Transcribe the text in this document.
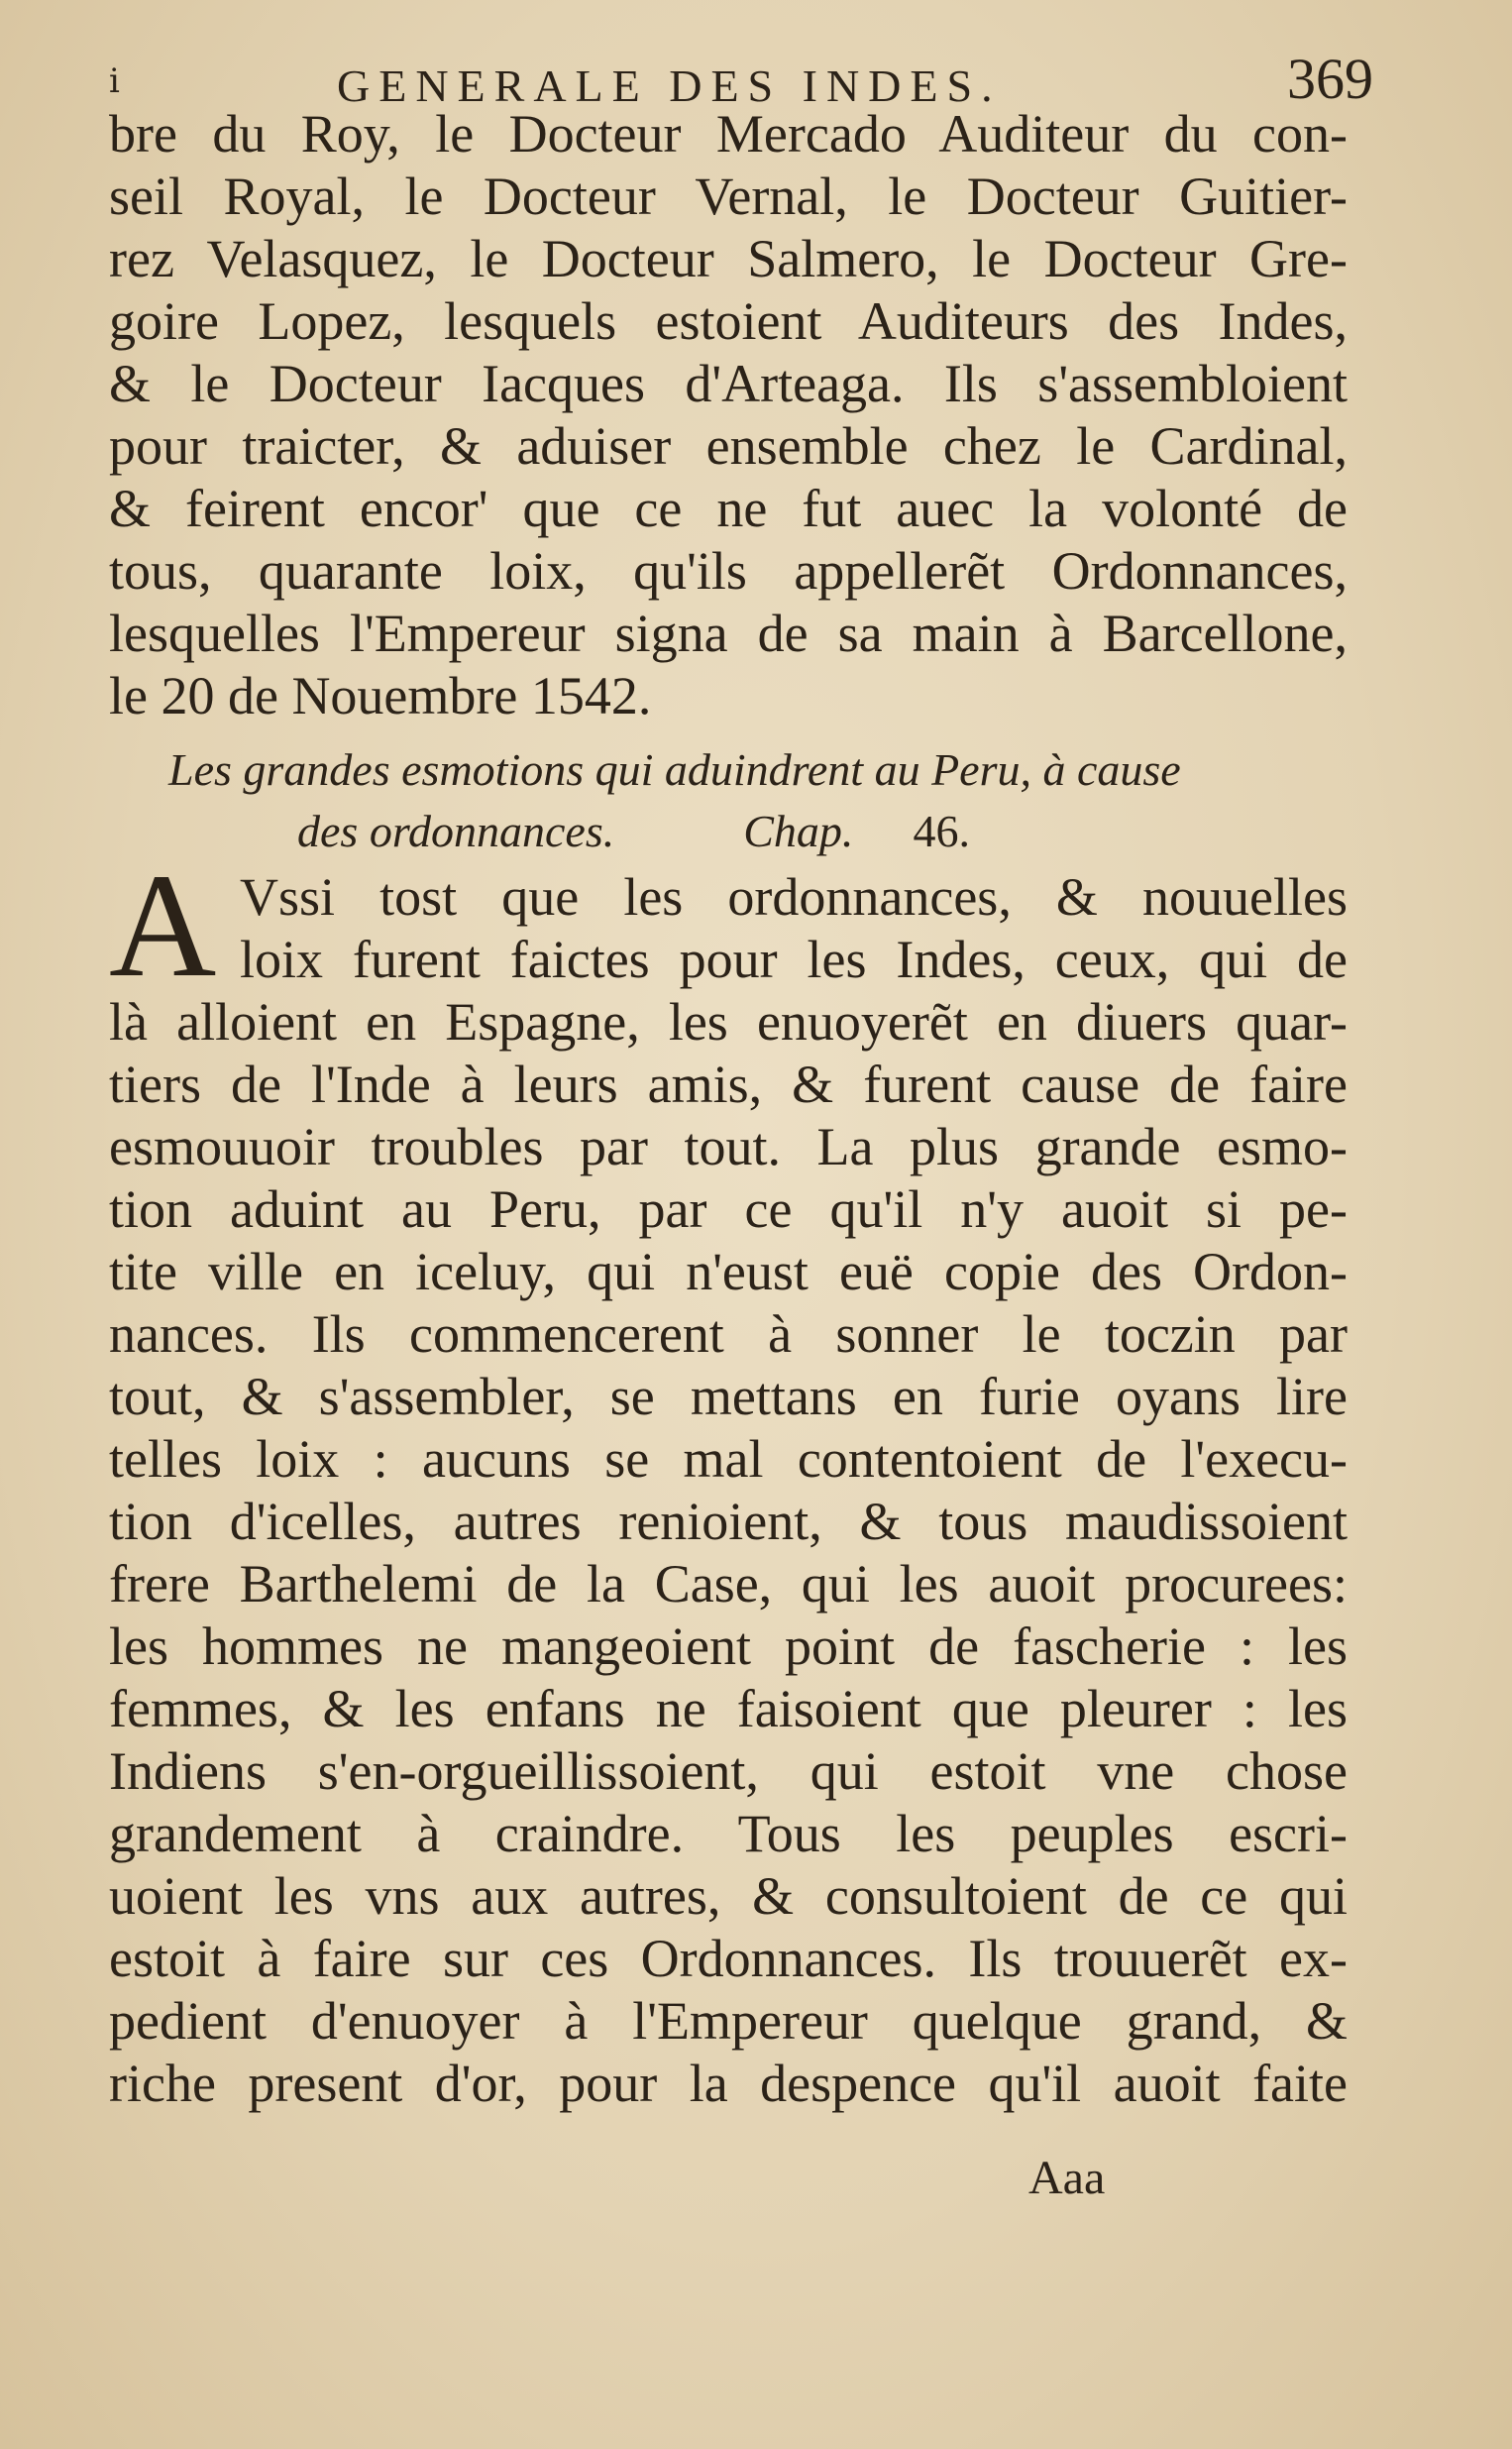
i	GENERALE DES INDES.	369
bre du Roy, le Docteur Mercado Auditeur du con-
seil Royal, le Docteur Vernal, le Docteur Guitier-
rez Velasquez, le Docteur Salmero, le Docteur Gre-
goire Lopez, lesquels estoient Auditeurs des Indes,
& le Docteur Iacques d'Arteaga. Ils s'assembloient
pour traicter, & aduiser ensemble chez le Cardinal,
& feirent encor' que ce ne fut auec la volonté de
tous, quarante loix, qu'ils appellerẽt Ordonnances,
lesquelles l'Empereur signa de sa main à Barcellone,
le 20 de Nouembre 1542.
Les grandes esmotions qui aduindrent au Peru, à cause
des ordonnances.	Chap. 46.
A Vssi tost que les ordonnances, & nouuelles
loix furent faictes pour les Indes, ceux, qui de
là alloient en Espagne, les enuoyerẽt en diuers quar-
tiers de l'Inde à leurs amis, & furent cause de faire
esmouuoir troubles par tout. La plus grande esmo-
tion aduint au Peru, par ce qu'il n'y auoit si pe-
tite ville en iceluy, qui n'eust euë copie des Ordon-
nances. Ils commencerent à sonner le toczin par
tout, & s'assembler, se mettans en furie oyans lire
telles loix : aucuns se mal contentoient de l'execu-
tion d'icelles, autres renioient, & tous maudissoient
frere Barthelemi de la Case, qui les auoit procurees:
les hommes ne mangeoient point de fascherie : les
femmes, & les enfans ne faisoient que pleurer : les
Indiens s'en-orgueillissoient, qui estoit vne chose
grandement à craindre. Tous les peuples escri-
uoient les vns aux autres, & consultoient de ce qui
estoit à faire sur ces Ordonnances. Ils trouuerẽt ex-
pedient d'enuoyer à l'Empereur quelque grand, &
riche present d'or, pour la despence qu'il auoit faite
Aaa
